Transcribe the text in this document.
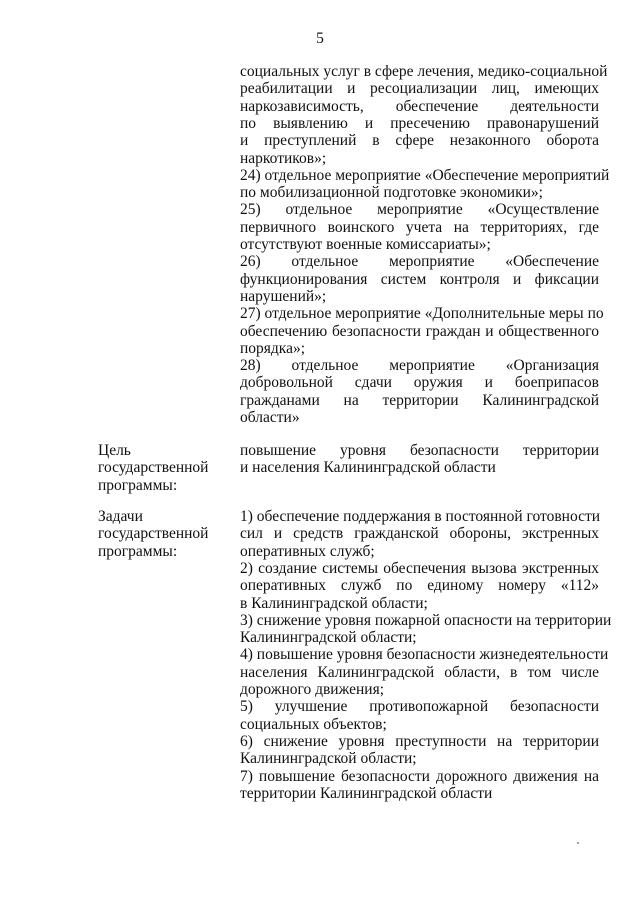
5
социальных услуг в сфере лечения, медико-социальной
реабилитации и ресоциализации лиц, имеющих
наркозависимость, обеспечение деятельности
по выявлению и пресечению правонарушений
и преступлений в сфере незаконного оборота
наркотиков»;
24) отдельное мероприятие «Обеспечение мероприятий
по мобилизационной подготовке экономики»;
25) отдельное мероприятие «Осуществление
первичного воинского учета на территориях, где
отсутствуют военные комиссариаты»;
26) отдельное мероприятие «Обеспечение
функционирования систем контроля и фиксации
нарушений»;
27) отдельное мероприятие «Дополнительные меры по
обеспечению безопасности граждан и общественного
порядка»;
28) отдельное мероприятие «Организация
добровольной сдачи оружия и боеприпасов
гражданами на территории Калининградской
области»
Цель
государственной
программы:
повышение уровня безопасности территории
и населения Калининградской области
Задачи
государственной
программы:
1) обеспечение поддержания в постоянной готовности
сил и средств гражданской обороны, экстренных
оперативных служб;
2) создание системы обеспечения вызова экстренных
оперативных служб по единому номеру «112»
в Калининградской области;
3) снижение уровня пожарной опасности на территории
Калининградской области;
4) повышение уровня безопасности жизнедеятельности
населения Калининградской области, в том числе
дорожного движения;
5) улучшение противопожарной безопасности
социальных объектов;
6) снижение уровня преступности на территории
Калининградской области;
7) повышение безопасности дорожного движения на
территории Калининградской области
